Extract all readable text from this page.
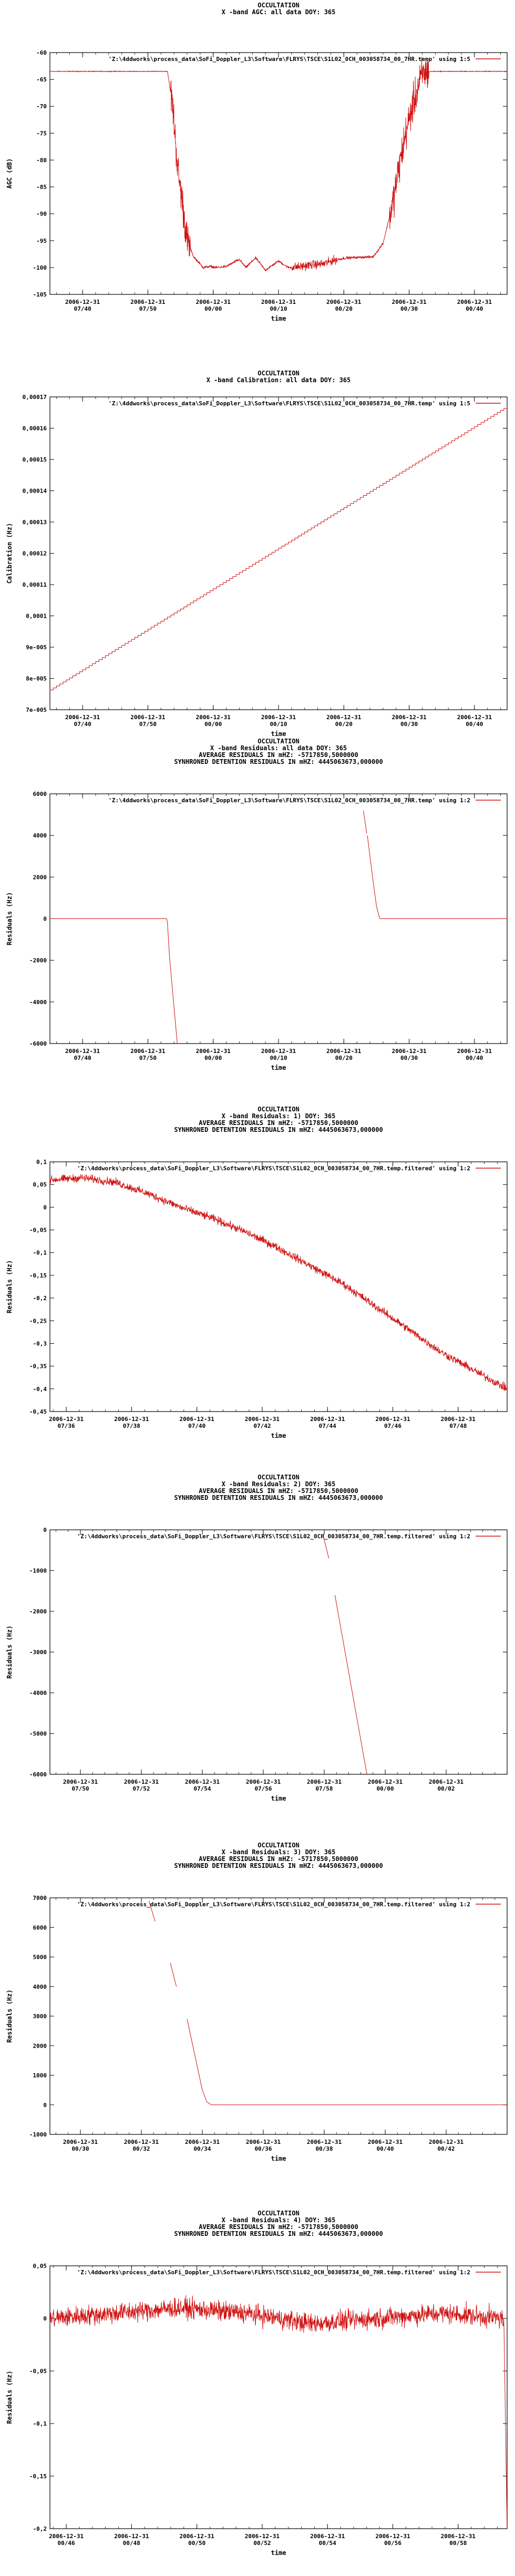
OCCULTATION
X -band AGC: all data DOY: 365
-105
-100
-95
-90
-85
-80
-75
-70
-65
-60
2006-12-31
07/40
2006-12-31
07/50
2006-12-31
00/00
2006-12-31
00/10
2006-12-31
00/20
2006-12-31
00/30
2006-12-31
00/40
time
AGC (dB)
'Z:\4ddworks\process_data\SoFi_Doppler_L3\Software\FLRYS\TSCE\S1L02_0CH_003058734_00_7HR.temp' using 1:5
OCCULTATION
X -band Calibration: all data DOY: 365
7e-005
8e-005
9e-005
0,0001
0,00011
0,00012
0,00013
0,00014
0,00015
0,00016
0,00017
2006-12-31
07/40
2006-12-31
07/50
2006-12-31
00/00
2006-12-31
00/10
2006-12-31
00/20
2006-12-31
00/30
2006-12-31
00/40
time
Calibration (Hz)
'Z:\4ddworks\process_data\SoFi_Doppler_L3\Software\FLRYS\TSCE\S1L02_0CH_003058734_00_7HR.temp' using 1:5
OCCULTATION
X -band Residuals: all data DOY: 365
AVERAGE RESIDUALS IN mHZ: -5717850,5000000
SYNHRONED DETENTION RESIDUALS IN mHZ: 4445063673,000000
-6000
-4000
-2000
0
2000
4000
6000
2006-12-31
07/40
2006-12-31
07/50
2006-12-31
00/00
2006-12-31
00/10
2006-12-31
00/20
2006-12-31
00/30
2006-12-31
00/40
time
Residuals (Hz)
'Z:\4ddworks\process_data\SoFi_Doppler_L3\Software\FLRYS\TSCE\S1L02_0CH_003058734_00_7HR.temp' using 1:2
OCCULTATION
X -band Residuals: 1) DOY: 365
AVERAGE RESIDUALS IN mHZ: -5717850,5000000
SYNHRONED DETENTION RESIDUALS IN mHZ: 4445063673,000000
-0,45
-0,4
-0,35
-0,3
-0,25
-0,2
-0,15
-0,1
-0,05
0
0,05
0,1
2006-12-31
07/36
2006-12-31
07/38
2006-12-31
07/40
2006-12-31
07/42
2006-12-31
07/44
2006-12-31
07/46
2006-12-31
07/48
time
Residuals (Hz)
'Z:\4ddworks\process_data\SoFi_Doppler_L3\Software\FLRYS\TSCE\S1L02_0CH_003058734_00_7HR.temp.filtered' using 1:2
OCCULTATION
X -band Residuals: 2) DOY: 365
AVERAGE RESIDUALS IN mHZ: -5717850,5000000
SYNHRONED DETENTION RESIDUALS IN mHZ: 4445063673,000000
-6000
-5000
-4000
-3000
-2000
-1000
0
2006-12-31
07/50
2006-12-31
07/52
2006-12-31
07/54
2006-12-31
07/56
2006-12-31
07/58
2006-12-31
00/00
2006-12-31
00/02
time
Residuals (Hz)
'Z:\4ddworks\process_data\SoFi_Doppler_L3\Software\FLRYS\TSCE\S1L02_0CH_003058734_00_7HR.temp.filtered' using 1:2
OCCULTATION
X -band Residuals: 3) DOY: 365
AVERAGE RESIDUALS IN mHZ: -5717850,5000000
SYNHRONED DETENTION RESIDUALS IN mHZ: 4445063673,000000
-1000
0
1000
2000
3000
4000
5000
6000
7000
2006-12-31
00/30
2006-12-31
00/32
2006-12-31
00/34
2006-12-31
00/36
2006-12-31
00/38
2006-12-31
00/40
2006-12-31
00/42
time
Residuals (Hz)
'Z:\4ddworks\process_data\SoFi_Doppler_L3\Software\FLRYS\TSCE\S1L02_0CH_003058734_00_7HR.temp.filtered' using 1:2
OCCULTATION
X -band Residuals: 4) DOY: 365
AVERAGE RESIDUALS IN mHZ: -5717850,5000000
SYNHRONED DETENTION RESIDUALS IN mHZ: 4445063673,000000
-0,2
-0,15
-0,1
-0,05
0
0,05
2006-12-31
00/46
2006-12-31
00/48
2006-12-31
00/50
2006-12-31
00/52
2006-12-31
00/54
2006-12-31
00/56
2006-12-31
00/58
time
Residuals (Hz)
'Z:\4ddworks\process_data\SoFi_Doppler_L3\Software\FLRYS\TSCE\S1L02_0CH_003058734_00_7HR.temp.filtered' using 1:2
